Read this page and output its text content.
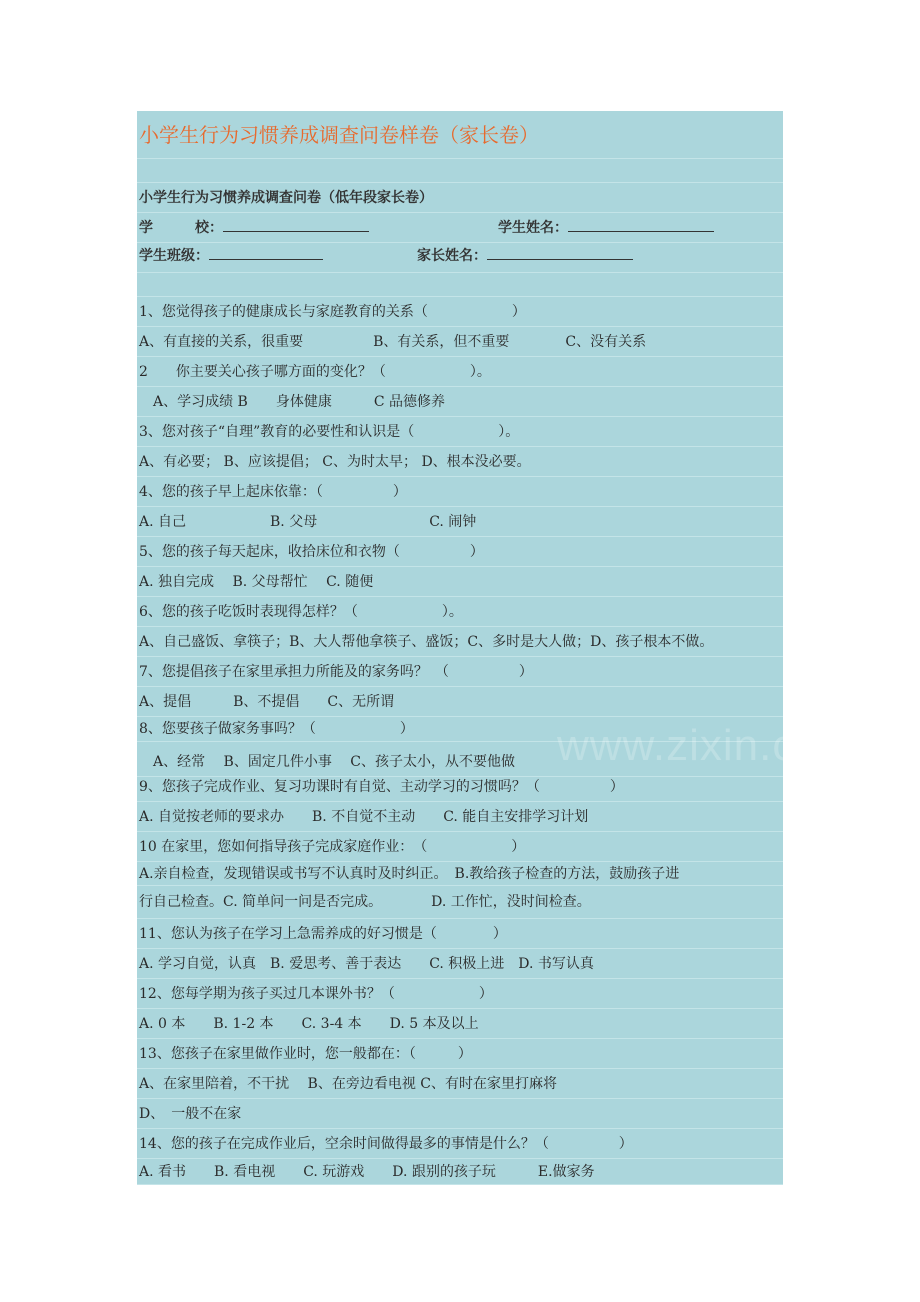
小学生行为习惯养成调查问卷样卷（家长卷）
小学生行为习惯养成调查问卷（低年段家长卷）
学　　　校：	学生姓名：
学生班级：	家长姓名：
1、您觉得孩子的健康成长与家庭教育的关系（　　　　　　）
A、有直接的关系，很重要　　　　　B、有关系，但不重要　　　　C、没有关系
2　　你主要关心孩子哪方面的变化？（　　　　　　）。
　A、学习成绩 B　　身体健康　　　C 品德修养
3、您对孩子“自理”教育的必要性和认识是（　　　　　　）。
A、有必要； B、应该提倡； C、为时太早； D、根本没必要。
4、您的孩子早上起床依靠：（　　　　　）
A. 自己　　　　　　B. 父母　　　　　　　　C. 闹钟
5、您的孩子每天起床，收拾床位和衣物（　　　　　）
A. 独自完成　 B. 父母帮忙　 C. 随便
6、您的孩子吃饭时表现得怎样？（　　　　　　）。
A、自己盛饭、拿筷子；B、大人帮他拿筷子、盛饭；C、多时是大人做；D、孩子根本不做。
7、您提倡孩子在家里承担力所能及的家务吗？　（　　　　　）
A、提倡　　　B、不提倡　　C、无所谓
8、您要孩子做家务事吗？（　　　　　　）
　A、经常　 B、固定几件小事　 C、孩子太小，从不要他做
9、您孩子完成作业、复习功课时有自觉、主动学习的习惯吗？（　　　　　）
A. 自觉按老师的要求办　　B. 不自觉不主动　　C. 能自主安排学习计划
10 在家里，您如何指导孩子完成家庭作业：　（　　　　　　）
A.亲自检查，发现错误或书写不认真时及时纠正。　B.教给孩子检查的方法，鼓励孩子进
行自己检查。C. 简单问一问是否完成。　　　　D. 工作忙，没时间检查。
11、您认为孩子在学习上急需养成的好习惯是（　　　　）
A. 学习自觉，认真　B. 爱思考、善于表达　　C. 积极上进　D. 书写认真
12、您每学期为孩子买过几本课外书？（　　　　　　）
A. 0 本　　B. 1-2 本　　C. 3-4 本　　D. 5 本及以上
13、您孩子在家里做作业时，您一般都在：（　　　）
A、在家里陪着，不干扰　 B、在旁边看电视 C、有时在家里打麻将
D、　一般不在家
14、您的孩子在完成作业后，空余时间做得最多的事情是什么？（　　　　　）
A. 看书　　B. 看电视　　C. 玩游戏　　D. 跟别的孩子玩　　　E.做家务
www.zixin.com.cn
